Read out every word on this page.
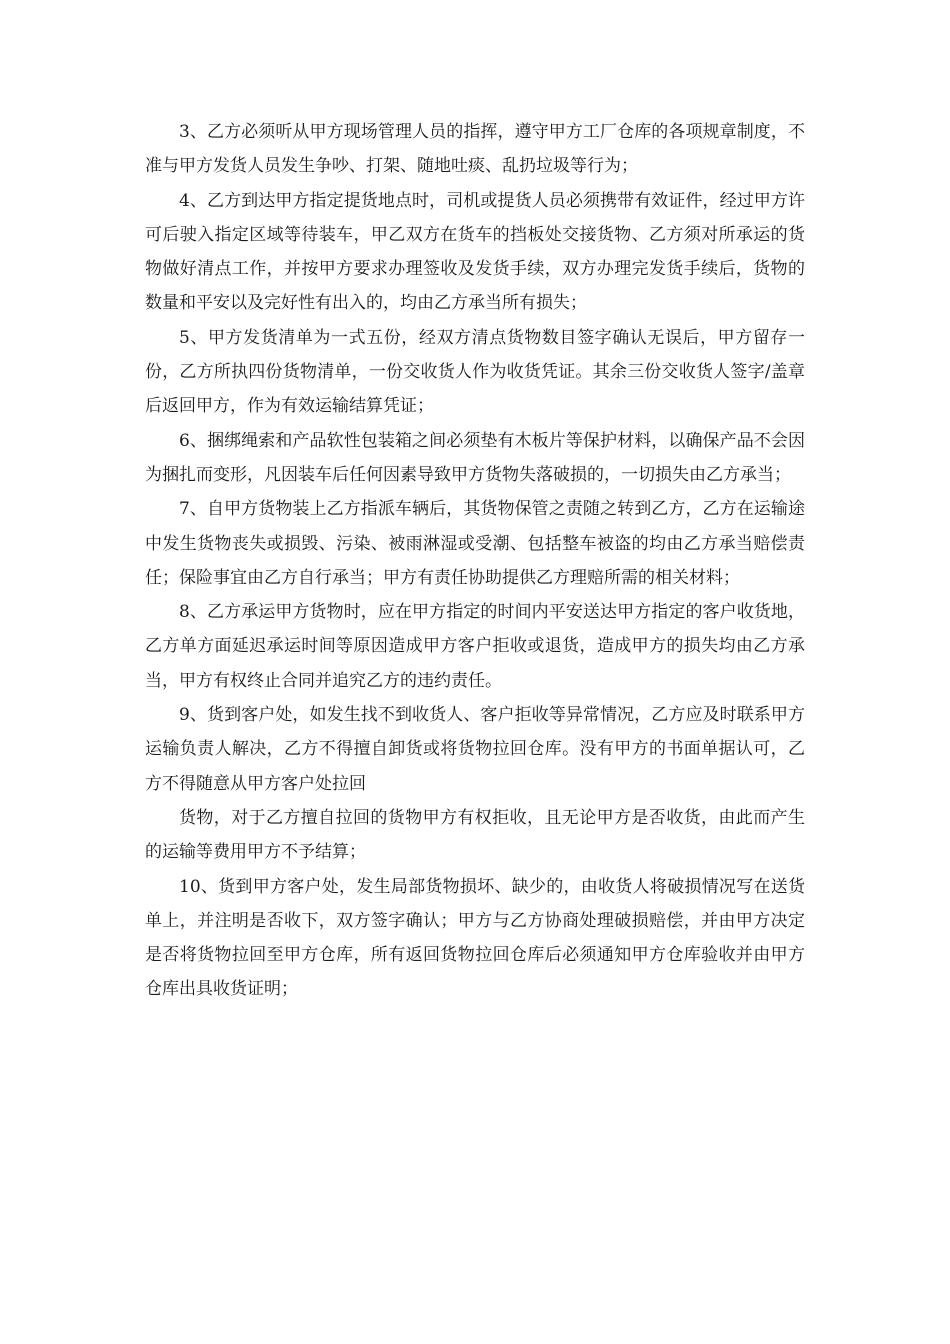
3、乙方必须听从甲方现场管理人员的指挥，遵守甲方工厂仓库的各项规章制度，不准与甲方发货人员发生争吵、打架、随地吐痰、乱扔垃圾等行为；

4、乙方到达甲方指定提货地点时，司机或提货人员必须携带有效证件，经过甲方许可后驶入指定区域等待装车，甲乙双方在货车的挡板处交接货物、乙方须对所承运的货物做好清点工作，并按甲方要求办理签收及发货手续，双方办理完发货手续后，货物的数量和平安以及完好性有出入的，均由乙方承当所有损失；

5、甲方发货清单为一式五份，经双方清点货物数目签字确认无误后，甲方留存一份，乙方所执四份货物清单，一份交收货人作为收货凭证。其余三份交收货人签字/盖章后返回甲方，作为有效运输结算凭证；

6、捆绑绳索和产品软性包装箱之间必须垫有木板片等保护材料，以确保产品不会因为捆扎而变形，凡因装车后任何因素导致甲方货物失落破损的，一切损失由乙方承当；

7、自甲方货物装上乙方指派车辆后，其货物保管之责随之转到乙方，乙方在运输途中发生货物丧失或损毁、污染、被雨淋湿或受潮、包括整车被盗的均由乙方承当赔偿责任；保险事宜由乙方自行承当；甲方有责任协助提供乙方理赔所需的相关材料；

8、乙方承运甲方货物时，应在甲方指定的时间内平安送达甲方指定的客户收货地，乙方单方面延迟承运时间等原因造成甲方客户拒收或退货，造成甲方的损失均由乙方承当，甲方有权终止合同并追究乙方的违约责任。

9、货到客户处，如发生找不到收货人、客户拒收等异常情况，乙方应及时联系甲方运输负责人解决，乙方不得擅自卸货或将货物拉回仓库。没有甲方的书面单据认可，乙方不得随意从甲方客户处拉回

货物，对于乙方擅自拉回的货物甲方有权拒收，且无论甲方是否收货，由此而产生的运输等费用甲方不予结算；

10、货到甲方客户处，发生局部货物损坏、缺少的，由收货人将破损情况写在送货单上，并注明是否收下，双方签字确认；甲方与乙方协商处理破损赔偿，并由甲方决定是否将货物拉回至甲方仓库，所有返回货物拉回仓库后必须通知甲方仓库验收并由甲方仓库出具收货证明；
